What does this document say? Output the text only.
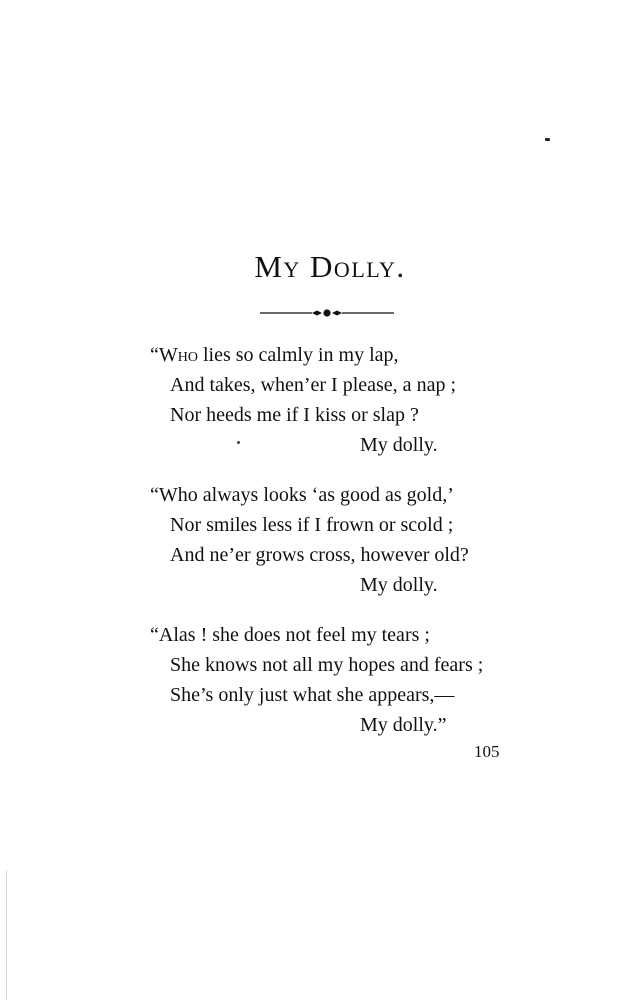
My Dolly.
“Who lies so calmly in my lap,
And takes, when’er I please, a nap ;
Nor heeds me if I kiss or slap ?
My dolly.
“Who always looks ‘as good as gold,’
Nor smiles less if I frown or scold ;
And ne’er grows cross, however old?
My dolly.
“Alas ! she does not feel my tears ;
She knows not all my hopes and fears ;
She’s only just what she appears,—
My dolly.”
105
